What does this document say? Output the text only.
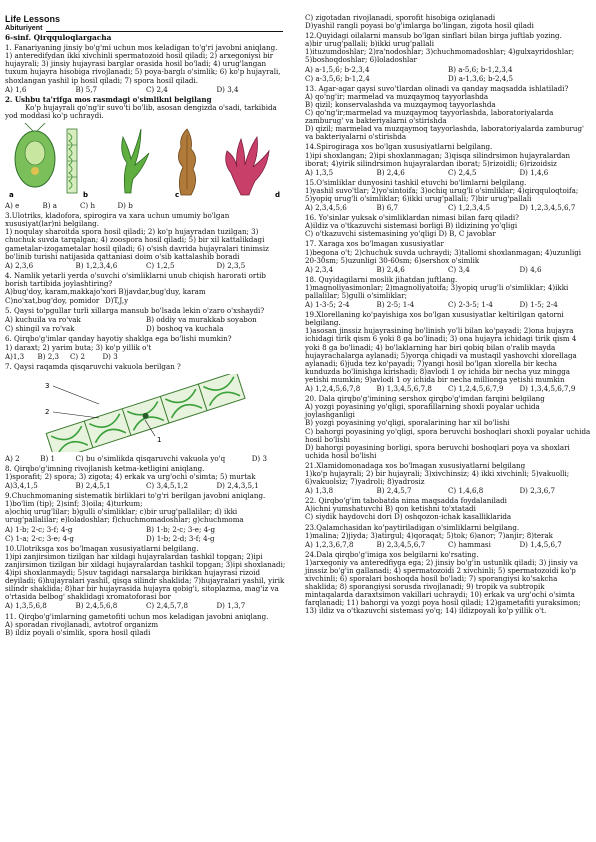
Life Lessons
Abituriyent
6-sinf. Qirqquloqlargacha

1. Fanariyaning jinsiy bo'g'mi uchun mos keladigan to'g'ri javobni aniqlang.

1) anteredifydan ikki xivchinli spermatozoid hosil qiladi; 2) arxegoniysi bir hujayrali; 3) jinsiy hujayrasi barglar orasida hosil bo'ladi; 4) urug'langan tuxum hujayra hisobiga rivojlanadi; 5) poya-barglı o'simlik; 6) ko'p hujayrali, shoxlangan yashil ip hosil qiladi; 7) spora hosil qiladi.

A) 1,6	B) 5,7	C) 2,4	D) 3,4

2. Ushbu ta'rifga mos rasmdagi o'simlikni belgilang

Ko'p hujayrali qo'ng'ir suvo'ti bo'lib, asosan dengizda o'sadi, tarkibida yod moddasi ko'p uchraydi.

a	b	c	d
A) e	B) a	C) h	D) b

3.Ulotriks, kladofora, spirogira va xara uchun umumiy bo'lgan xususiyat(lar)ni belgilang.

1) noqulay sharoitda spora hosil qiladi; 2) ko'p hujayradan tuzilgan; 3) chuchuk suvda tarqalgan; 4) zoospora hosil qiladi; 5) bir xil kattalikdagi gametalar-izogametalar hosil qiladi; 6) o'sish davrida hujayralari tinimsiz bo'linib turishi natijasida qattaniasi doim o'sib kattalashib boradi

A) 2,3,6	B) 1,2,3,4,6	C) 1,2,5	D) 2,3,5

4. Namlik yetarli yerda o'suvchi o'simliklarni unub chiqish harorati ortib borish tartibida joylashtiring?

A)bug'doy, karam,makkajo'xori B)javdar,bug'duy, karam

C)no'xat,bug'doy, pomidor D)T,J,y

5. Qaysi to'pgullar turli xillarga mansub bo'lsada lekin o'zaro o'xshaydi?

A) kuchuila va ro'vak	B) oddiy va murakkab soyabon
C) shingil va ro'vak	D) boshoq va kuchala

6. Qirqbo'g'imlar qanday hayotiy shaklga ega bo'lishi mumkin?

1) daraxt; 2) yarim buta; 3) ko'p yillik o't

A)1,3	B) 2,3	C) 2	D) 3

7. Qaysi raqamda qisqaruvchi vakuola berilgan ?

3
2
1
A) 2	B) 1	C) bu o'simlikda qisqaruvchi vakuola yo'q	D) 3

8. Qirqbo'g'imning rivojlanish ketma-ketligini aniqlang.

1)sporafit; 2) spora; 3) zigota; 4) erkak va urg'ochi o'simta; 5) murtak

A)3,4,1,5	B) 2,4,5,1	C) 3,4,5,1,2	D) 2,4,3,5,1

9.Chuchmomaning sistematik birliklari to'g'ri berilgan javobni aniqlang.

1)bo'lim (tip); 2)sinf; 3)oila; 4)turkum;
a)ochiq urug'lilar; b)gulli o'simliklar; c)bir urug'pallalilar; d) ikki urug'pallalilar; e)loladoshlar; f)chuchmomadoshlar; g)chuchmoma

A) 1-b; 2-c; 3-f; 4-g	B) 1-b; 2-c; 3-e; 4-g
C) 1-a; 2-c; 3-e; 4-g	D) 1-b; 2-d; 3-f; 4-g

10.Ulotriksga xos bo'lmagan xususiyatlarni belgilang.

1)ipi zanjirsimon tizilgan har xildagi hujayralardan tashkil topgan; 2)ipi zanjirsimon tizilgan bir xildagi hujayralardan tashkil topgan; 3)ipi shoxlanadi; 4)ipi shoxlanmaydi; 5)suv tagidagi narsalarga birikkan hujayrasi rizoid deyiladi; 6)hujayralari yashil, qisqa silindr shaklida; 7)hujayralari yashil, yirik silindr shaklida; 8)har bir hujayrasida hujayra qobig'i, sitoplazma, mag'iz va o'rtasida belbog' shaklidagi xromatoforasi bor

A) 1,3,5,6,8	B) 2,4,5,6,8	C) 2,4,5,7,8	D) 1,3,7

11. Qirqbo'g'imlarning gametofiti uchun mos keladigan javobni aniqlang.

A) sporadan rivojlanadi, avtotrof organizm
B) ildiz poyali o'simlik, spora hosil qiladi

C) zigotadan rivojlanadi, sporofit hisobiga oziqlanadi
D)yashil rangli poyasi bo'g'imlarga bo'lingan, zigota hosil qiladi

12.Quyidagi oilalarni mansub bo'lgan sinflari bilan birga juftlab yozing.

a)bir urug'pallali; b)ikki urug'pallali
1)ituzumdoshlar; 2)ra'nodoshlar; 3)chuchmomadoshlar; 4)gulxayridoshlar; 5)boshoqdoshlar; 6)loladoshlar

A) a-1,5,6; b-2,3,4	B) a-5,6; b-1,2,3,4
C) a-3,5,6; b-1,2,4	D) a-1,3,6; b-2,4,5

13. Agar-agar qaysi suvo'tlardan olinadi va qanday maqsadda ishlatiladi?

A) qo'ng'ir; marmelad va muzqaymoq tayyorlashda
B) qizil; konservalashda va muzqaymoq tayyorlashda
C) qo'ng'ir;marmelad va muzqaymoq tayyorlashda, laboratoriyalarda zamburug' va bakteriyalarni o'stirishda
D) qizil; marmelad va muzqaymoq tayyorlashda, laboratoriyalarda zamburug' va bakteriyalarni o'stirishda

14.Spirogiraga xos bo'lgan xususiyatlarni belgilang.

1)ipi shoxlangan; 2)ipi shoxlanmagan; 3)qisqa silindrsimon hujayralardan iborat; 4)yirik silindrsimon hujayralardan iborat; 5)rizoidli; 6)rizoidsiz

A) 1,3,5	B) 2,4,6	C) 2,4,5	D) 1,4,6

15.O'simliklar dunyosini tashkil etuvchi bo'limlarni belgilang.

1)yashil suvo'tlar; 2)yo'sintoifa; 3)ochiq urug'li o'simliklar; 4)qirqquloqtoifa; 5)yopiq urug'li o'simliklar; 6)ikki urug'pallali; 7)bir urug'pallali

A) 2,3,4,5,6	B) 6,7	C) 1,2,3,4,5	D) 1,2,3,4,5,6,7

16. Yo'sinlar yuksak o'simliklardan nimasi bilan farq qiladi?

A)ildiz va o'tkazuvchi sistemasi borligi B) ildizining yo'qligi
C) o'tkazuvchi sistemasining yo'qligi D) B, C javoblar

17. Xaraga xos bo'lmagan xususiyatlar

1)begona o't; 2)chuchuk suvda uchraydi; 3)tallomi shoxlanmagan; 4)uzunligi 20-30sm; 5)uzunligi 30-60sm; 6)sershox o'simlik

A) 2,3,4	B) 2,4,6	C) 3,4	D) 4,6

18. Quyidagilarni moslik jihatdan juftlang.

1)magnoliyasimonlar; 2)magnoliyatoifa; 3)yopiq urug'li o'simliklar; 4)ikki pallalilar; 5)gulli o'simliklar;

A) 1-3-5; 2-4	B) 2-5; 1-4	C) 2-3-5; 1-4	D) 1-5; 2-4

19.Xlorellaning ko'payishiga xos bo'lgan xususiyatlar keltirilgan qatorni belgilang.

1)asosan jinssiz hujayrasining bo'linish yo'li bilan ko'payadi; 2)ona hujayra ichidagi tirik qism 6 yoki 8 ga bo'linadi; 3) ona hujayra ichidagi tirik qism 4 yoki 8 ga bo'linadi; 4) bo'laklarning har biri qobiq bilan o'ralib mayda hujayrachalarga aylanadi; 5)yorqa chiqadi va mustaqil yashovchi xlorellaga aylanadi; 6)juda tez ko'payadi; 7)yangi hosil bo'lgan xlorella bir kecha kunduzda bo'linishga kirishadi; 8)avlodi 1 oy ichida bir necha yuz mingga yetishi mumkin; 9)avlodi 1 oy ichida bir necha millionga yetishi mumkin

A) 1,2,4,5,6,7,8	B) 1,3,4,5,6,7,8	C) 1,2,4,5,6,7,9	D) 1,3,4,5,6,7,9

20. Dala qirqbo'g'imining sershox qirqbo'g'imdan farqini belgilang

A) yozgi poyasining yo'qligi, sporafillarning shoxli poyalar uchida joylashganligi
B) yozgi poyasining yo'qligi, sporalarining har xil bo'lishi
C) bahorgi poyasining yo'qligi, spora beruvchi boshoqlari shoxli poyalar uchida hosil bo'lishi
D) bahorgi poyasining borligi, spora beruvchi boshoqlari poya va shoxlari uchida hosil bo'lishi

21.Xlamidomonadaga xos bo'lmagan xususiyatlarni belgilang

1)ko'p hujayrali; 2) bir hujayrali; 3)xivchinsiz; 4) ikki xivchinli; 5)vakuolli; 6)vakuolsiz; 7)yadroli; 8)yadrosiz

A) 1,3,8	B) 2,4,5,7	C) 1,4,6,8	D) 2,3,6,7

22. Qirqbo'g'im tabobatda nima maqsadda foydalaniladi

A)ichni yumshatuvchi B) qon ketishni to'xtatadi
C) siydik haydovchi dori D) oshqozon-ichak kasalliklarida

23.Qalamchasidan ko'paytiriladigan o'simliklarni belgilang.

1)malina; 2)jiyda; 3)atirgul; 4)qoraqat; 5)tok; 6)anor; 7)anjir; 8)terak

A) 1,2,3,6,7,8	B) 2,3,4,5,6,7	C) hammasi	D) 1,4,5,6,7

24.Dala qirqbo'g'imiga xos belgilarni ko'rsating.

1)arxegoniy va anteredfiyga ega; 2) jinsiy bo'g'in ustunlik qiladi; 3) jinsiy va jinssiz bo'g'in gallanadi; 4) spermatozoidi 2 xivchinli; 5) spermatozoidi ko'p xivchinli; 6) sporalari boshoqda hosil bo'ladi; 7) sporangiysi ko'sakcha shaklida; 8) sporangiysi sorusda rivojlanadi; 9) tropik va subtropik mintaqalarda daraxtsimon vakillari uchraydi; 10) erkak va urg'ochi o'simta farqlanadi; 11) bahorgi va yozgi poya hosil qiladi; 12)gametafiti yuraksimon; 13) ildiz va o'tkazuvchi sistemasi yo'q; 14) ildizpoyali ko'p yillik o't.
